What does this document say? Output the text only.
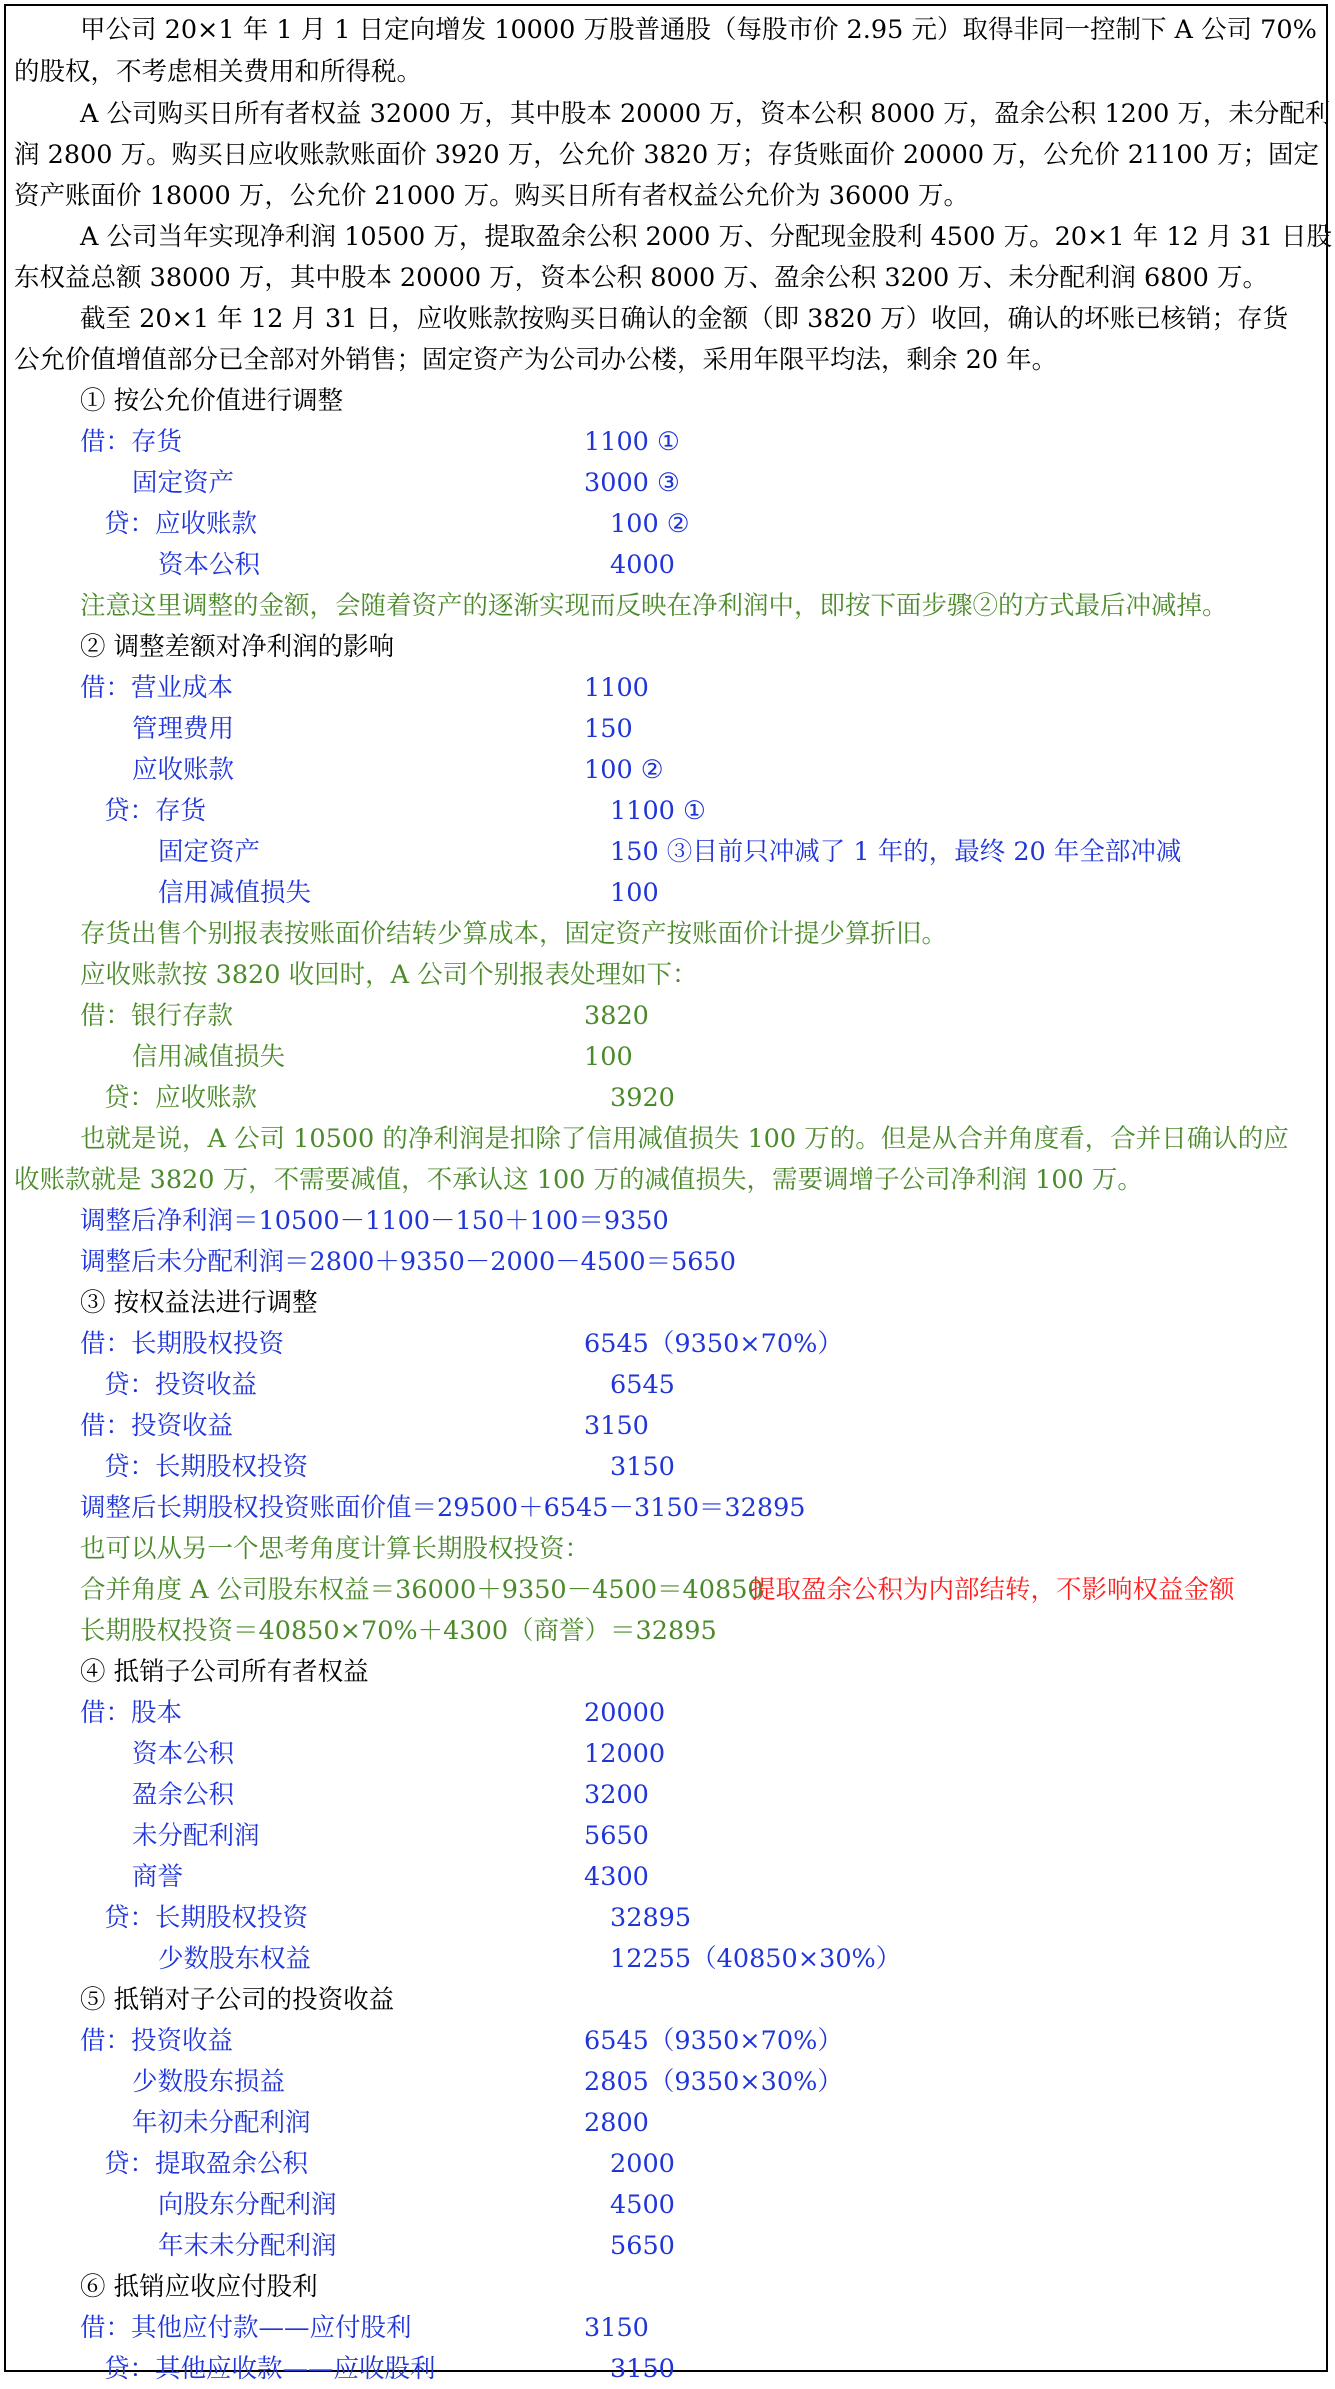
甲公司 20×1 年 1 月 1 日定向增发 10000 万股普通股（每股市价 2.95 元）取得非同一控制下 A 公司 70%
的股权，不考虑相关费用和所得税。
A 公司购买日所有者权益 32000 万，其中股本 20000 万，资本公积 8000 万，盈余公积 1200 万，未分配利
润 2800 万。购买日应收账款账面价 3920 万，公允价 3820 万；存货账面价 20000 万，公允价 21100 万；固定
资产账面价 18000 万，公允价 21000 万。购买日所有者权益公允价为 36000 万。
A 公司当年实现净利润 10500 万，提取盈余公积 2000 万、分配现金股利 4500 万。20×1 年 12 月 31 日股
东权益总额 38000 万，其中股本 20000 万，资本公积 8000 万、盈余公积 3200 万、未分配利润 6800 万。
截至 20×1 年 12 月 31 日，应收账款按购买日确认的金额（即 3820 万）收回，确认的坏账已核销；存货
公允价值增值部分已全部对外销售；固定资产为公司办公楼，采用年限平均法，剩余 20 年。
① 按公允价值进行调整
借：存货	1100 ①
固定资产	3000 ③
贷：应收账款	100 ②
资本公积	4000
注意这里调整的金额，会随着资产的逐渐实现而反映在净利润中，即按下面步骤②的方式最后冲减掉。
② 调整差额对净利润的影响
借：营业成本	1100
管理费用	150
应收账款	100 ②
贷：存货	1100 ①
固定资产	150 ③目前只冲减了 1 年的，最终 20 年全部冲减
信用减值损失	100
存货出售个别报表按账面价结转少算成本，固定资产按账面价计提少算折旧。
应收账款按 3820 收回时，A 公司个别报表处理如下：
借：银行存款	3820
信用减值损失	100
贷：应收账款	3920
也就是说，A 公司 10500 的净利润是扣除了信用减值损失 100 万的。但是从合并角度看，合并日确认的应
收账款就是 3820 万，不需要减值，不承认这 100 万的减值损失，需要调增子公司净利润 100 万。
调整后净利润＝10500－1100－150＋100＝9350
调整后未分配利润＝2800＋9350－2000－4500＝5650
③ 按权益法进行调整
借：长期股权投资	6545（9350×70%）
贷：投资收益	6545
借：投资收益	3150
贷：长期股权投资	3150
调整后长期股权投资账面价值＝29500＋6545－3150＝32895
也可以从另一个思考角度计算长期股权投资：
合并角度 A 公司股东权益＝36000＋9350－4500＝40850
提取盈余公积为内部结转，不影响权益金额
长期股权投资＝40850×70%＋4300（商誉）＝32895
④ 抵销子公司所有者权益
借：股本	20000
资本公积	12000
盈余公积	3200
未分配利润	5650
商誉	4300
贷：长期股权投资	32895
少数股东权益	12255（40850×30%）
⑤ 抵销对子公司的投资收益
借：投资收益	6545（9350×70%）
少数股东损益	2805（9350×30%）
年初未分配利润	2800
贷：提取盈余公积	2000
向股东分配利润	4500
年末未分配利润	5650
⑥ 抵销应收应付股利
借：其他应付款——应付股利	3150
贷：其他应收款——应收股利	3150
